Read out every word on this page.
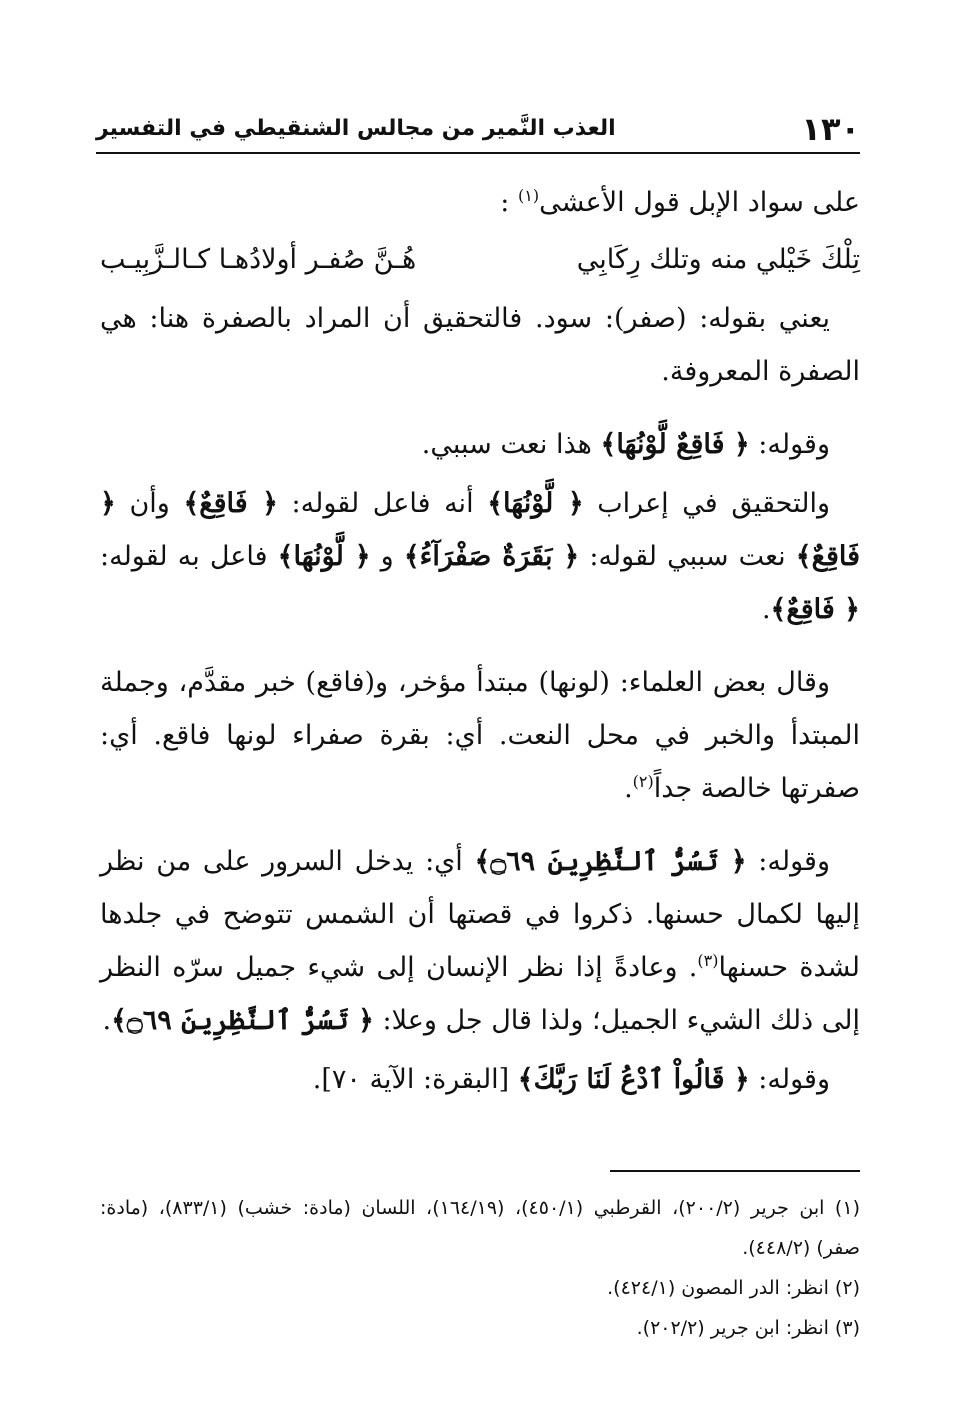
١٣٠
العذب النَّمير من مجالس الشنقيطي في التفسير

على سواد الإبل قول الأعشى$^{(١)}$ :

تِلْكَ خَيْلي منه وتلك رِكَابِي
هُـنَّ صُفـر أولادُهـا كـالـزَّبِيـب

يعني بقوله: (صفر): سود. فالتحقيق أن المراد بالصفرة هنا: هي الصفرة المعروفة.

وقوله: ﴿ فَاقِعٌ لَّوْنُهَا﴾ هذا نعت سببي.

والتحقيق في إعراب ﴿ لَّوْنُهَا﴾ أنه فاعل لقوله: ﴿ فَاقِعٌ﴾ وأن ﴿ فَاقِعٌ﴾ نعت سببي لقوله: ﴿ بَقَرَةٌ صَفْرَآءُ﴾ و ﴿ لَّوْنُهَا﴾ فاعل به لقوله: ﴿ فَاقِعٌ﴾.

وقال بعض العلماء: (لونها) مبتدأ مؤخر، و(فاقع) خبر مقدَّم، وجملة المبتدأ والخبر في محل النعت. أي: بقرة صفراء لونها فاقع. أي: صفرتها خالصة جداً$^{(٢)}$.

وقوله: ﴿ تَسُرُّ ٱلنَّظِرِينَ ۝٦٩﴾ أي: يدخل السرور على من نظر إليها لكمال حسنها. ذكروا في قصتها أن الشمس تتوضح في جلدها لشدة حسنها$^{(٣)}$. وعادةً إذا نظر الإنسان إلى شيء جميل سرّه النظر إلى ذلك الشيء الجميل؛ ولذا قال جل وعلا: ﴿ تَسُرُّ ٱلنَّظِرِينَ ۝٦٩﴾.

وقوله: ﴿ قَالُواْ ٱدْعُ لَنَا رَبَّكَ﴾ [البقرة: الآية ٧٠].

(١) ابن جرير (٢٠٠/٢)، القرطبي (٤٥٠/١)، (١٦٤/١٩)، اللسان (مادة: خشب) (٨٣٣/١)، (مادة: صفر) (٤٤٨/٢).

(٢) انظر: الدر المصون (٤٢٤/١).

(٣) انظر: ابن جرير (٢٠٢/٢).
